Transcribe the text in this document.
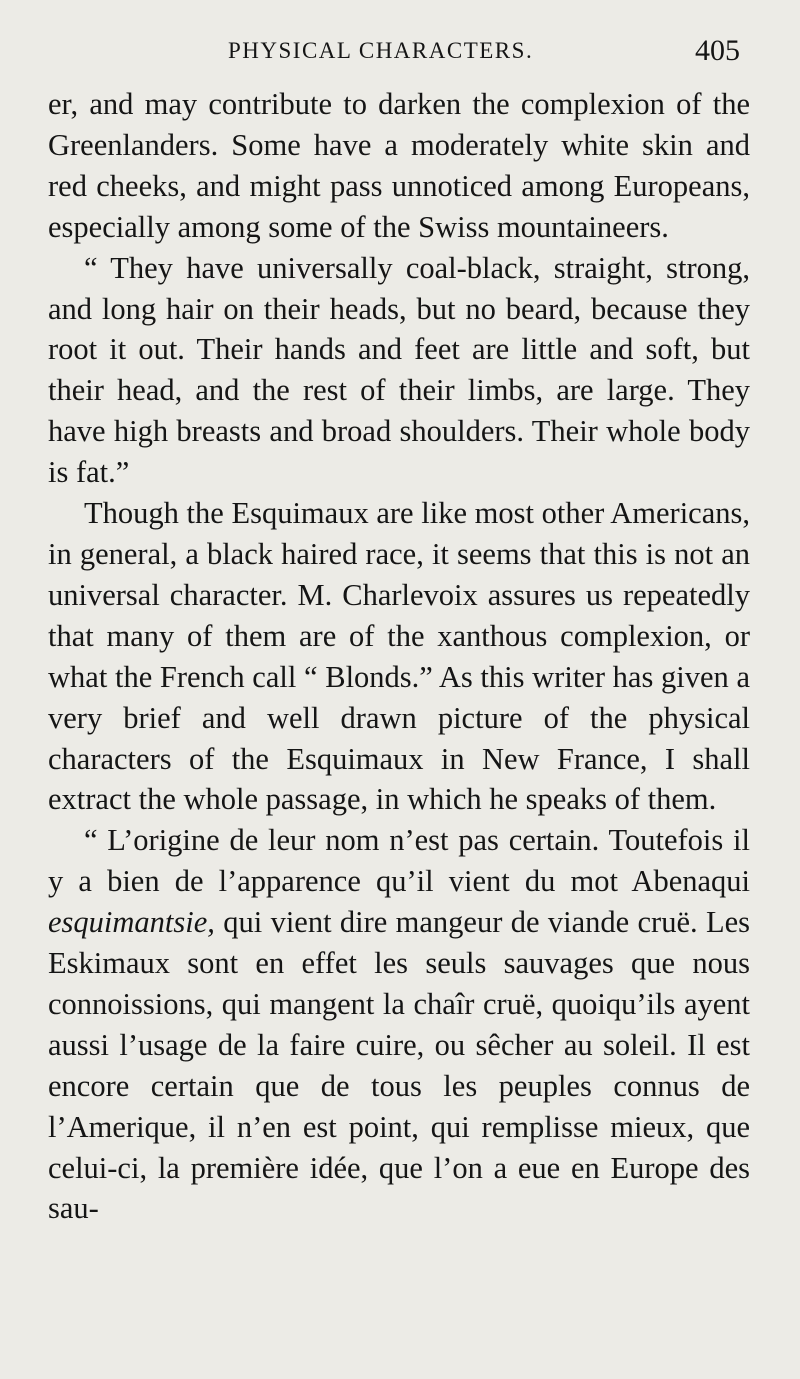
PHYSICAL CHARACTERS.	405

er, and may contribute to darken the complexion of the Greenlanders. Some have a moderately white skin and red cheeks, and might pass unnoticed among Europeans, especially among some of the Swiss mountaineers.

“ They have universally coal-black, straight, strong, and long hair on their heads, but no beard, because they root it out. Their hands and feet are little and soft, but their head, and the rest of their limbs, are large. They have high breasts and broad shoulders. Their whole body is fat.”

Though the Esquimaux are like most other Americans, in general, a black haired race, it seems that this is not an universal character. M. Charlevoix assures us repeatedly that many of them are of the xanthous complexion, or what the French call “ Blonds.” As this writer has given a very brief and well drawn picture of the physical characters of the Esquimaux in New France, I shall extract the whole passage, in which he speaks of them.

“ L’origine de leur nom n’est pas certain. Toutefois il y a bien de l’apparence qu’il vient du mot Abenaqui esquimantsie, qui vient dire mangeur de viande cruë. Les Eskimaux sont en effet les seuls sauvages que nous connoissions, qui mangent la chaîr cruë, quoiqu’ils ayent aussi l’usage de la faire cuire, ou sêcher au soleil. Il est encore certain que de tous les peuples connus de l’Amerique, il n’en est point, qui remplisse mieux, que celui-ci, la première idée, que l’on a eue en Europe des sau-
